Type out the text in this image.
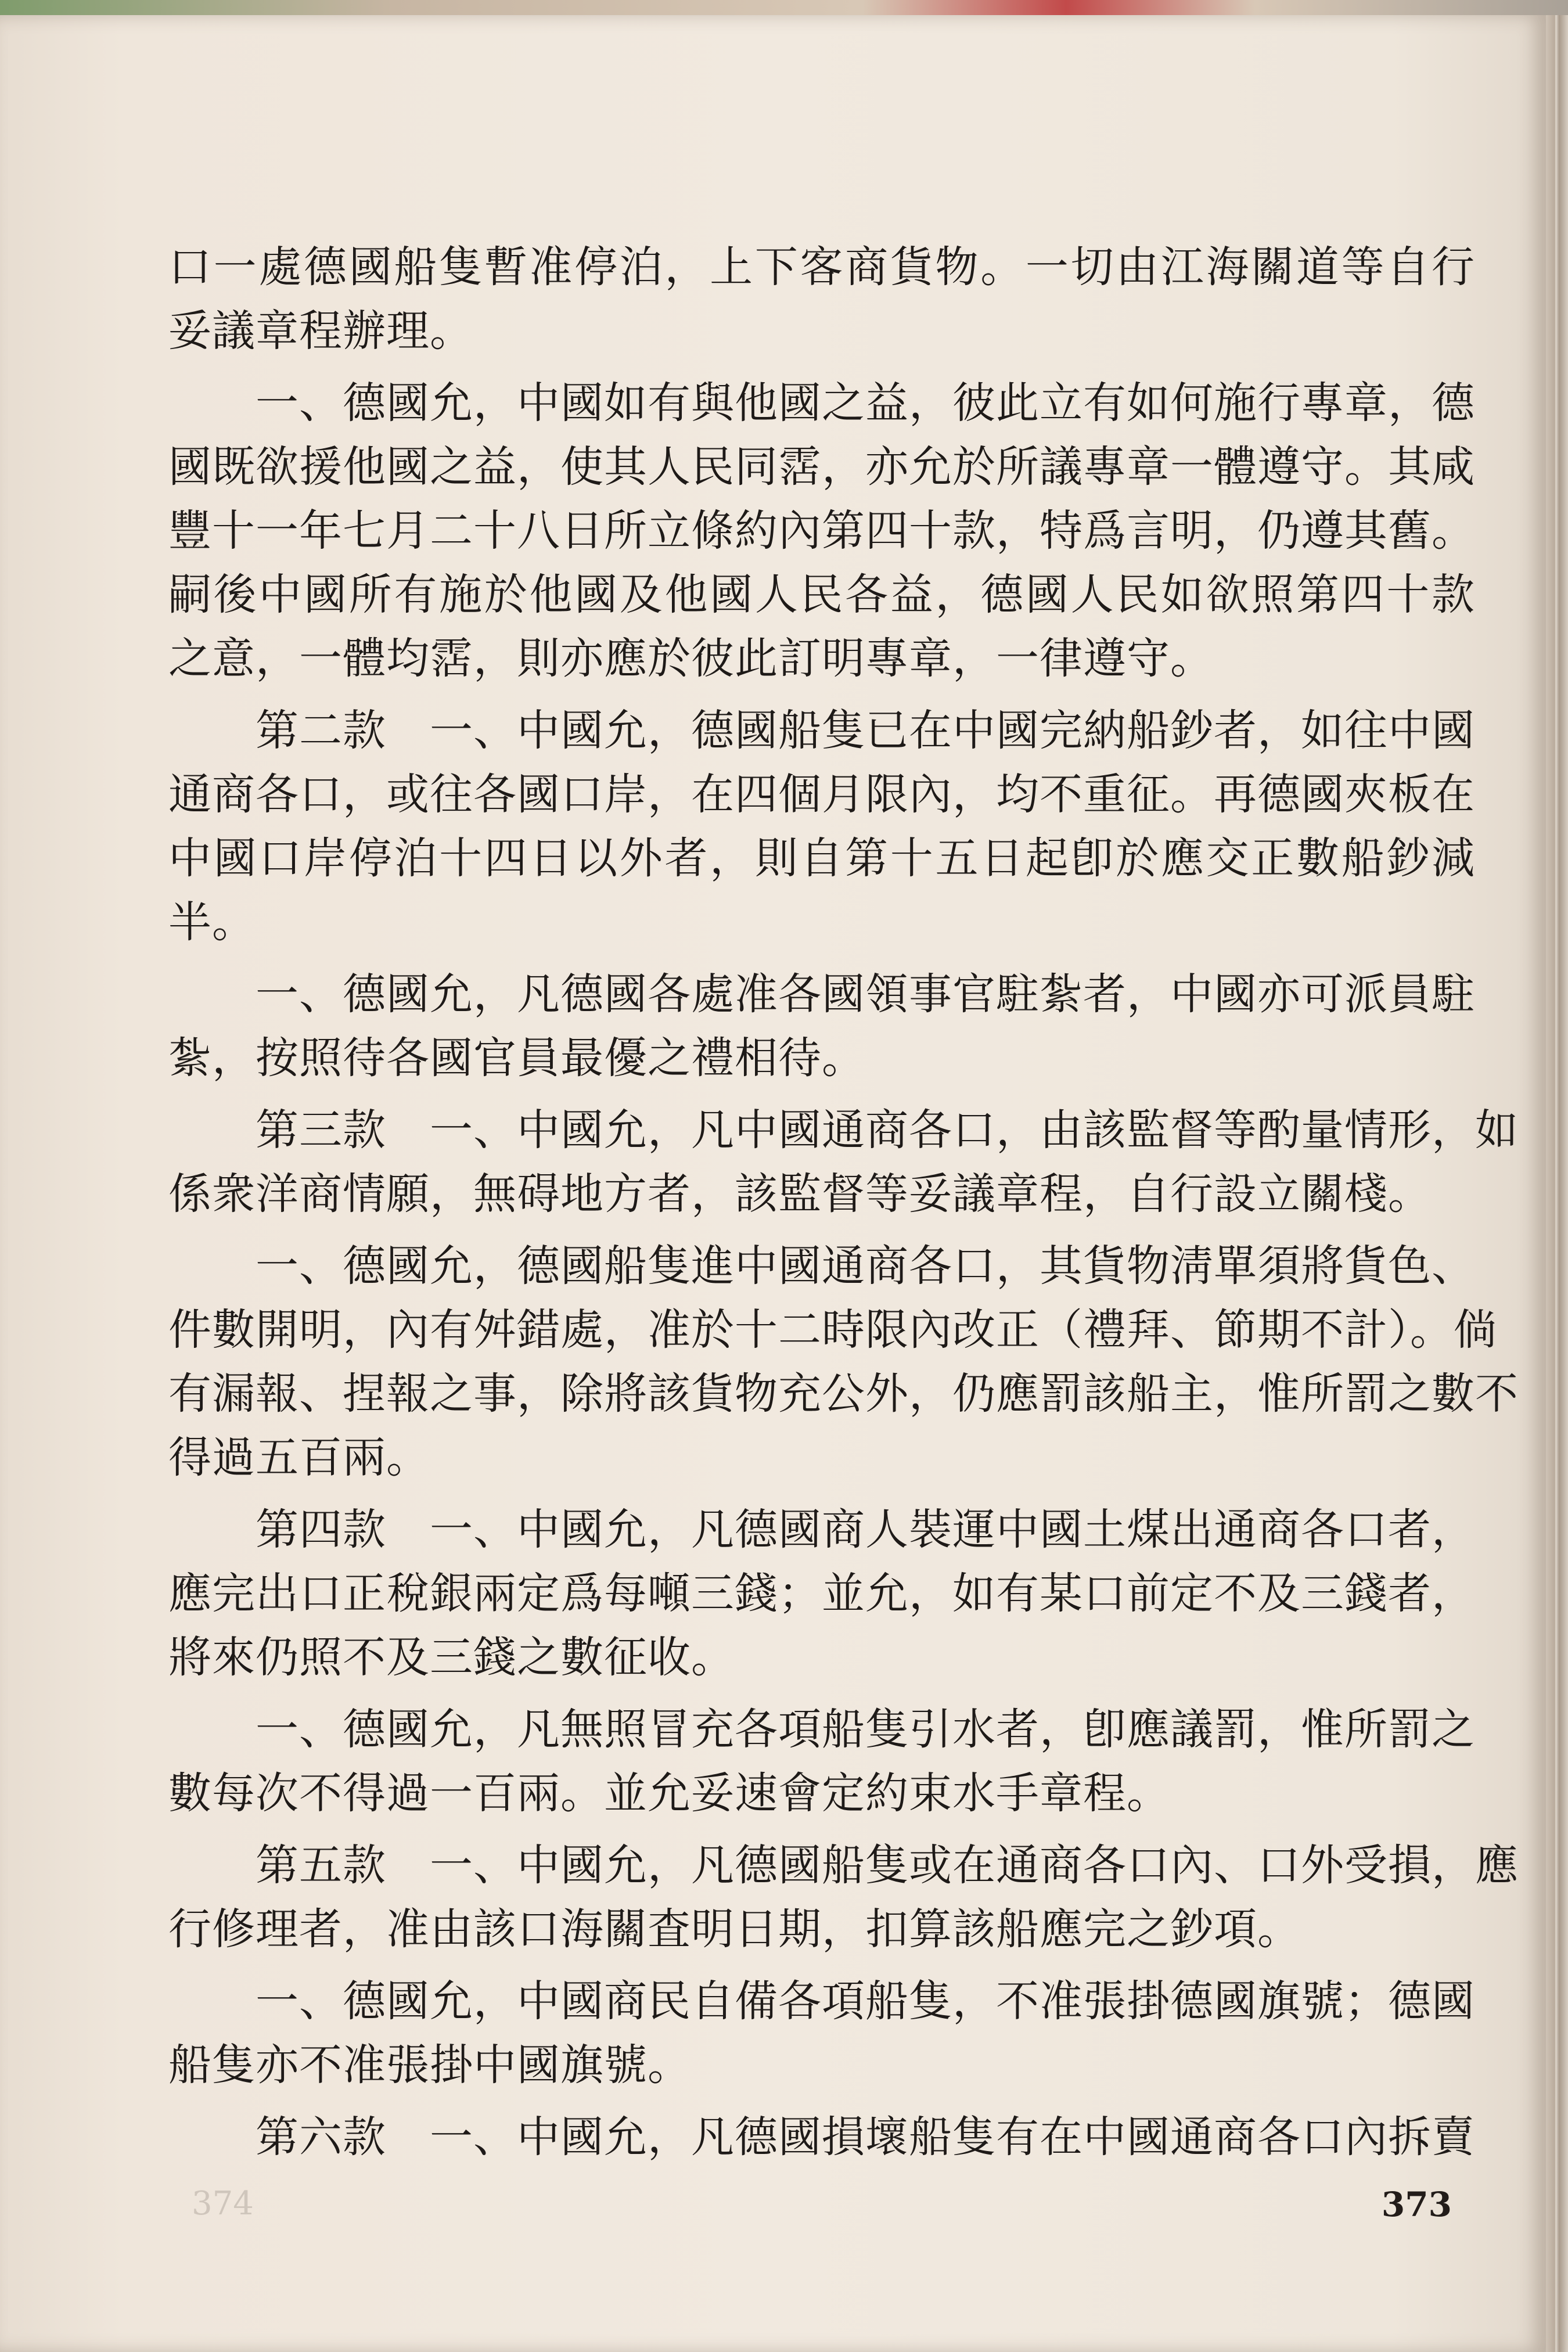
口一處德國船隻暫准停泊，上下客商貨物。一切由江海關道等自行
妥議章程辦理。
一、德國允，中國如有與他國之益，彼此立有如何施行專章，德
國既欲援他國之益，使其人民同霑，亦允於所議專章一體遵守。其咸
豐十一年七月二十八日所立條約內第四十款，特爲言明，仍遵其舊。
嗣後中國所有施於他國及他國人民各益，德國人民如欲照第四十款
之意，一體均霑，則亦應於彼此訂明專章，一律遵守。
第二款　一、中國允，德國船隻已在中國完納船鈔者，如往中國
通商各口，或往各國口岸，在四個月限內，均不重征。再德國夾板在
中國口岸停泊十四日以外者，則自第十五日起卽於應交正數船鈔減
半。
一、德國允，凡德國各處准各國領事官駐紮者，中國亦可派員駐
紮，按照待各國官員最優之禮相待。
第三款　一、中國允，凡中國通商各口，由該監督等酌量情形，如
係衆洋商情願，無碍地方者，該監督等妥議章程，自行設立關棧。
一、德國允，德國船隻進中國通商各口，其貨物淸單須將貨色、
件數開明，內有舛錯處，准於十二時限內改正（禮拜、節期不計）。倘
有漏報、捏報之事，除將該貨物充公外，仍應罰該船主，惟所罰之數不
得過五百兩。
第四款　一、中國允，凡德國商人裝運中國土煤出通商各口者，
應完出口正稅銀兩定爲每噸三錢；並允，如有某口前定不及三錢者，
將來仍照不及三錢之數征收。
一、德國允，凡無照冒充各項船隻引水者，卽應議罰，惟所罰之
數每次不得過一百兩。並允妥速會定約束水手章程。
第五款　一、中國允，凡德國船隻或在通商各口內、口外受損，應
行修理者，准由該口海關査明日期，扣算該船應完之鈔項。
一、德國允，中國商民自備各項船隻，不准張掛德國旗號；德國
船隻亦不准張掛中國旗號。
第六款　一、中國允，凡德國損壞船隻有在中國通商各口內拆賣
374	373
